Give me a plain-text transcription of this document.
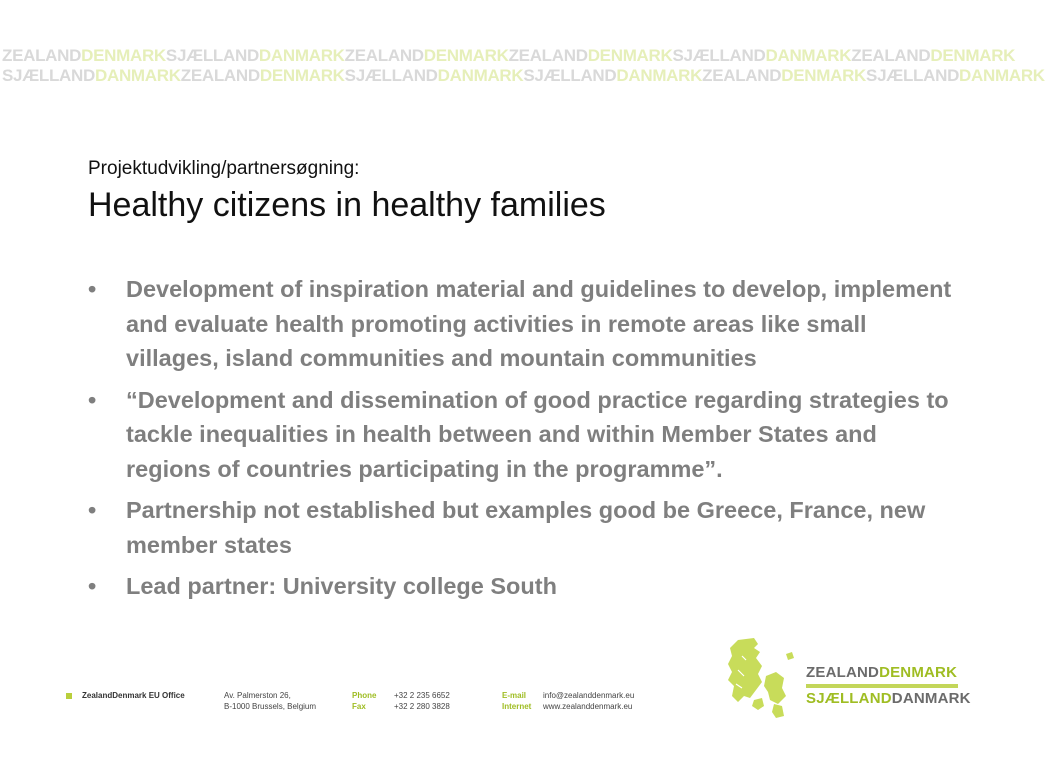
ZEALANDDENMARKSJÆLLANDDANMARKZEALANDDENMARKZEALANDDENMARKSJÆLLANDDANMARKZEALANDDENMARK
SJÆLLANDDANMARKZEALANDDENMARKSJÆLLANDDANMARKSJÆLLANDDANMARKZEALANDDENMARKSJÆLLANDDANMARK
Projektudvikling/partnersøgning:
Healthy citizens in healthy families
• Development of inspiration material and guidelines to develop, implement and evaluate health promoting activities in remote areas like small villages, island communities and mountain communities
• “Development and dissemination of good practice regarding strategies to tackle inequalities in health between and within Member States and regions of countries participating in the programme”.
• Partnership not established but examples good be Greece, France, new member states
• Lead partner: University college South
ZEALANDDENMARK
SJÆLLANDDANMARK
ZealandDenmark EU Office	Av. Palmerston 26,
B-1000 Brussels, Belgium
Phone
Fax
+32 2 235 6652
+32 2 280 3828
E-mail
Internet
info@zealanddenmark.eu
www.zealanddenmark.eu
